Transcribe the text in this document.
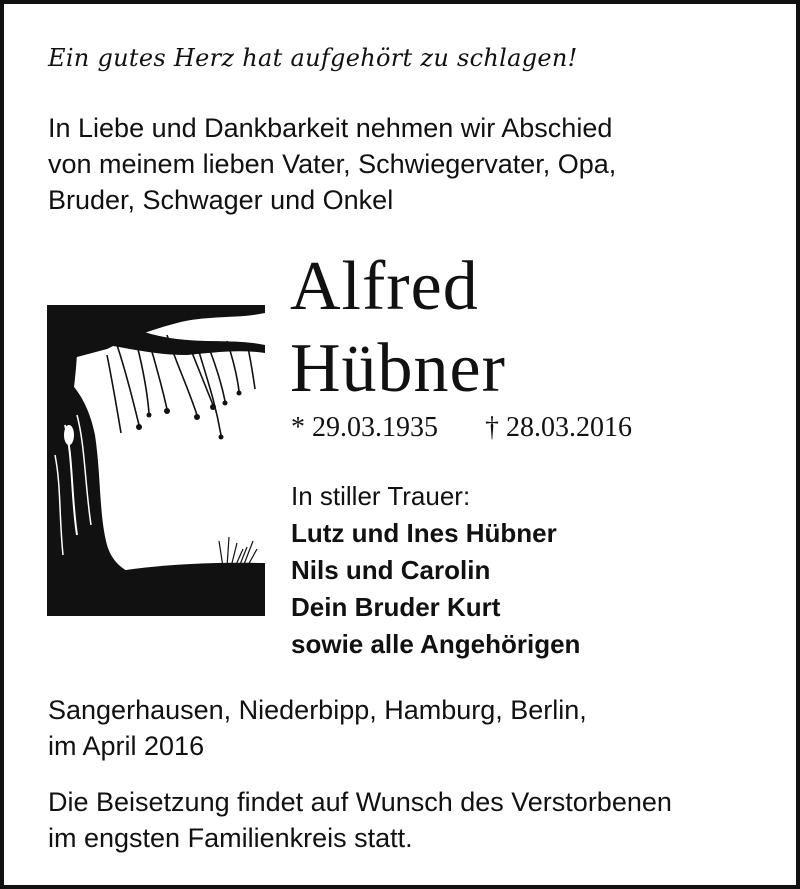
Ein gutes Herz hat aufgehört zu schlagen!
In Liebe und Dankbarkeit nehmen wir Abschied
von meinem lieben Vater, Schwiegervater, Opa,
Bruder, Schwager und Onkel
Alfred
Hübner
* 29.03.1935 † 28.03.2016
In stiller Trauer:
Lutz und Ines Hübner
Nils und Carolin
Dein Bruder Kurt
sowie alle Angehörigen
Sangerhausen, Niederbipp, Hamburg, Berlin,
im April 2016
Die Beisetzung findet auf Wunsch des Verstorbenen
im engsten Familienkreis statt.
